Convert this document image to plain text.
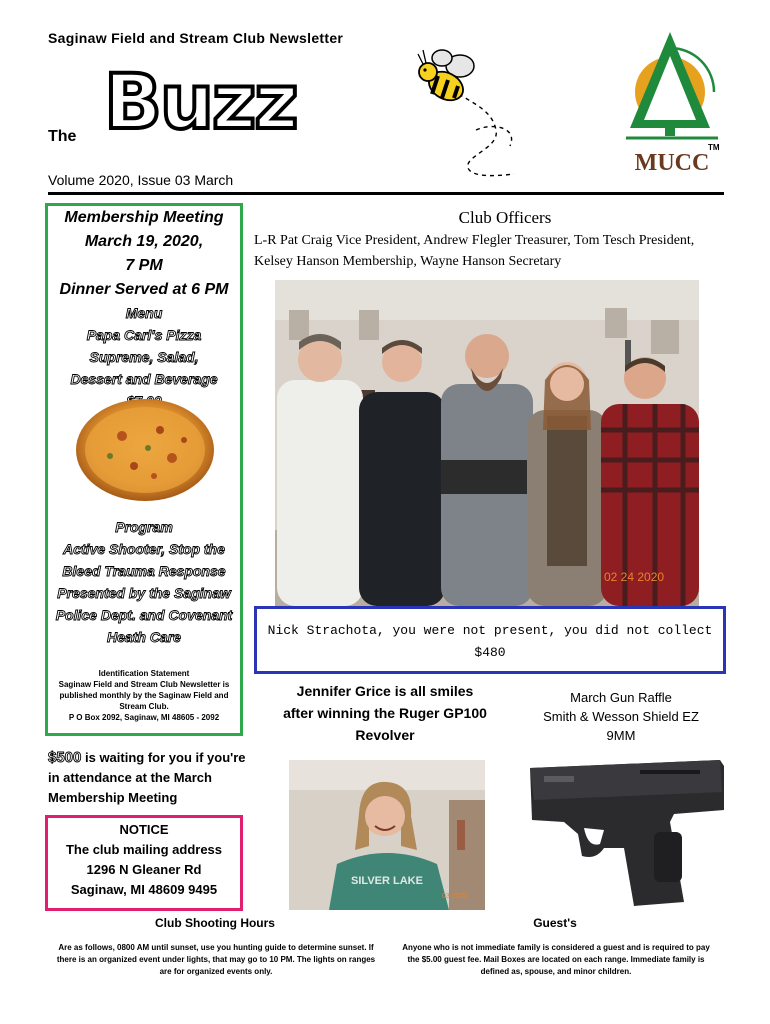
Saginaw Field and Stream Club Newsletter
Buzz
The
TM
MUCC
Volume 2020, Issue 03 March
Membership Meeting
March 19, 2020,
7 PM
Dinner Served at 6 PM
Menu
Papa Carl's Pizza Supreme, Salad, Dessert and Beverage
Program
Active Shooter, Stop the Bleed Trauma Response Presented by the Saginaw Police Dept. and Covenant Heath Care
Identification Statement
Saginaw Field and Stream Club Newsletter is published monthly by the Saginaw Field and Stream Club.
P O Box 2092, Saginaw, MI 48605 - 2092
Club Officers
L-R Pat Craig Vice President, Andrew Flegler Treasurer, Tom Tesch President, Kelsey Hanson Membership, Wayne Hanson Secretary
02 24 2020
Nick Strachota, you were not present, you did not collect $480
Jennifer Grice is all smiles after winning the Ruger GP100 Revolver
March Gun Raffle
Smith & Wesson Shield EZ
9MM
SILVER LAKE
03 2020
$500 is waiting for you if you're in attendance at the March Membership Meeting
NOTICE
The club mailing address
1296 N Gleaner Rd
Saginaw, MI 48609 9495
Club Shooting Hours
Are as follows, 0800 AM until sunset, use you hunting guide to determine sunset. If there is an organized event under lights, that may go to 10 PM. The lights on ranges are for organized events only.
Guest's
Anyone who is not immediate family is considered a guest and is required to pay the $5.00 guest fee. Mail Boxes are located on each range. Immediate family is defined as, spouse, and minor children.
